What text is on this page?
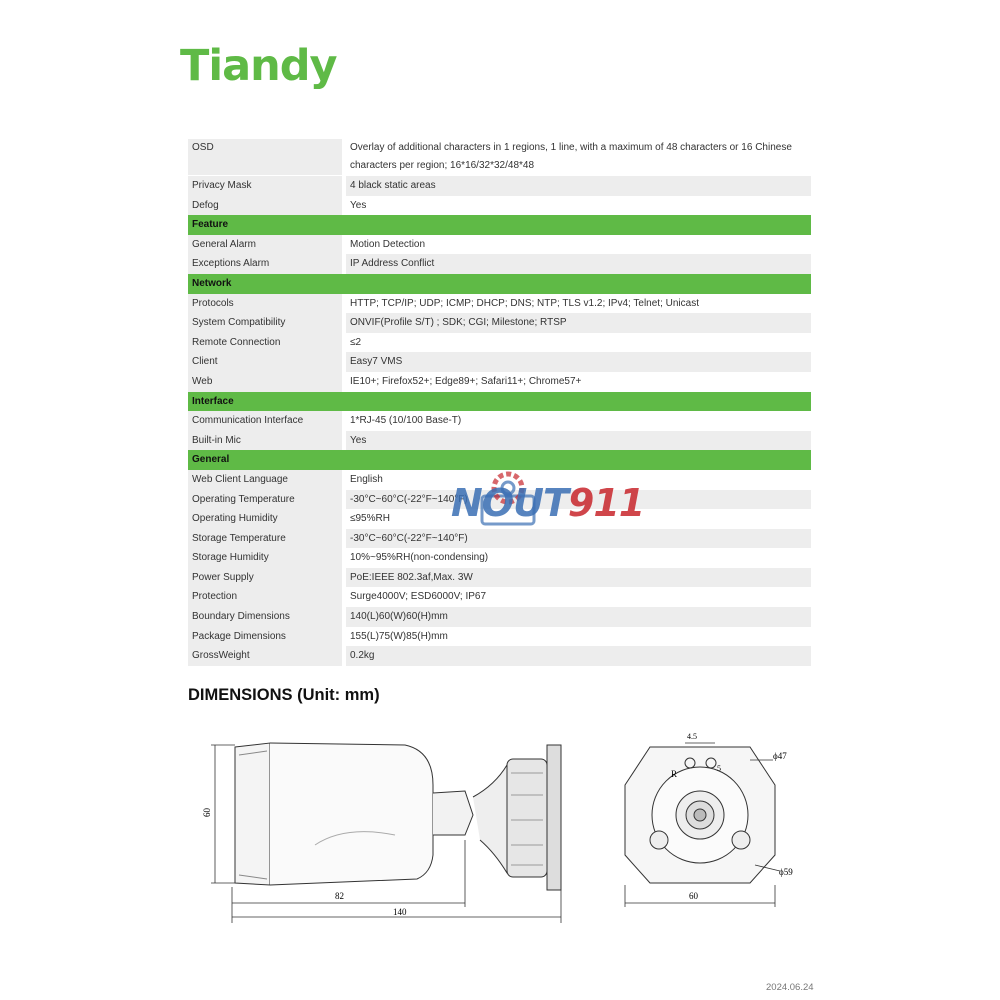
Tiandy
OSD	Overlay of additional characters in 1 regions, 1 line, with a maximum of 48 characters or 16 Chinese characters per region; 16*16/32*32/48*48
Privacy Mask	4 black static areas
Defog	Yes
Feature
General Alarm	Motion Detection
Exceptions Alarm	IP Address Conflict
Network
Protocols	HTTP; TCP/IP; UDP; ICMP; DHCP; DNS; NTP; TLS v1.2; IPv4; Telnet; Unicast
System Compatibility	ONVIF(Profile S/T) ; SDK; CGI; Milestone; RTSP
Remote Connection	≤2
Client	Easy7 VMS
Web	IE10+; Firefox52+; Edge89+; Safari11+; Chrome57+
Interface
Communication Interface	1*RJ-45 (10/100 Base-T)
Built-in Mic	Yes
General
Web Client Language	English
Operating Temperature	-30°C~60°C(-22°F~140°F)
Operating Humidity	≤95%RH
Storage Temperature	-30°C~60°C(-22°F~140°F)
Storage Humidity	10%~95%RH(non-condensing)
Power Supply	PoE:IEEE 802.3af,Max. 3W
Protection	Surge4000V; ESD6000V; IP67
Boundary Dimensions	140(L)60(W)60(H)mm
Package Dimensions	155(L)75(W)85(H)mm
GrossWeight	0.2kg
DIMENSIONS (Unit: mm)
60
82
140
4.5
5
R
ϕ47
ϕ59
60
NOUT911
2024.06.24
